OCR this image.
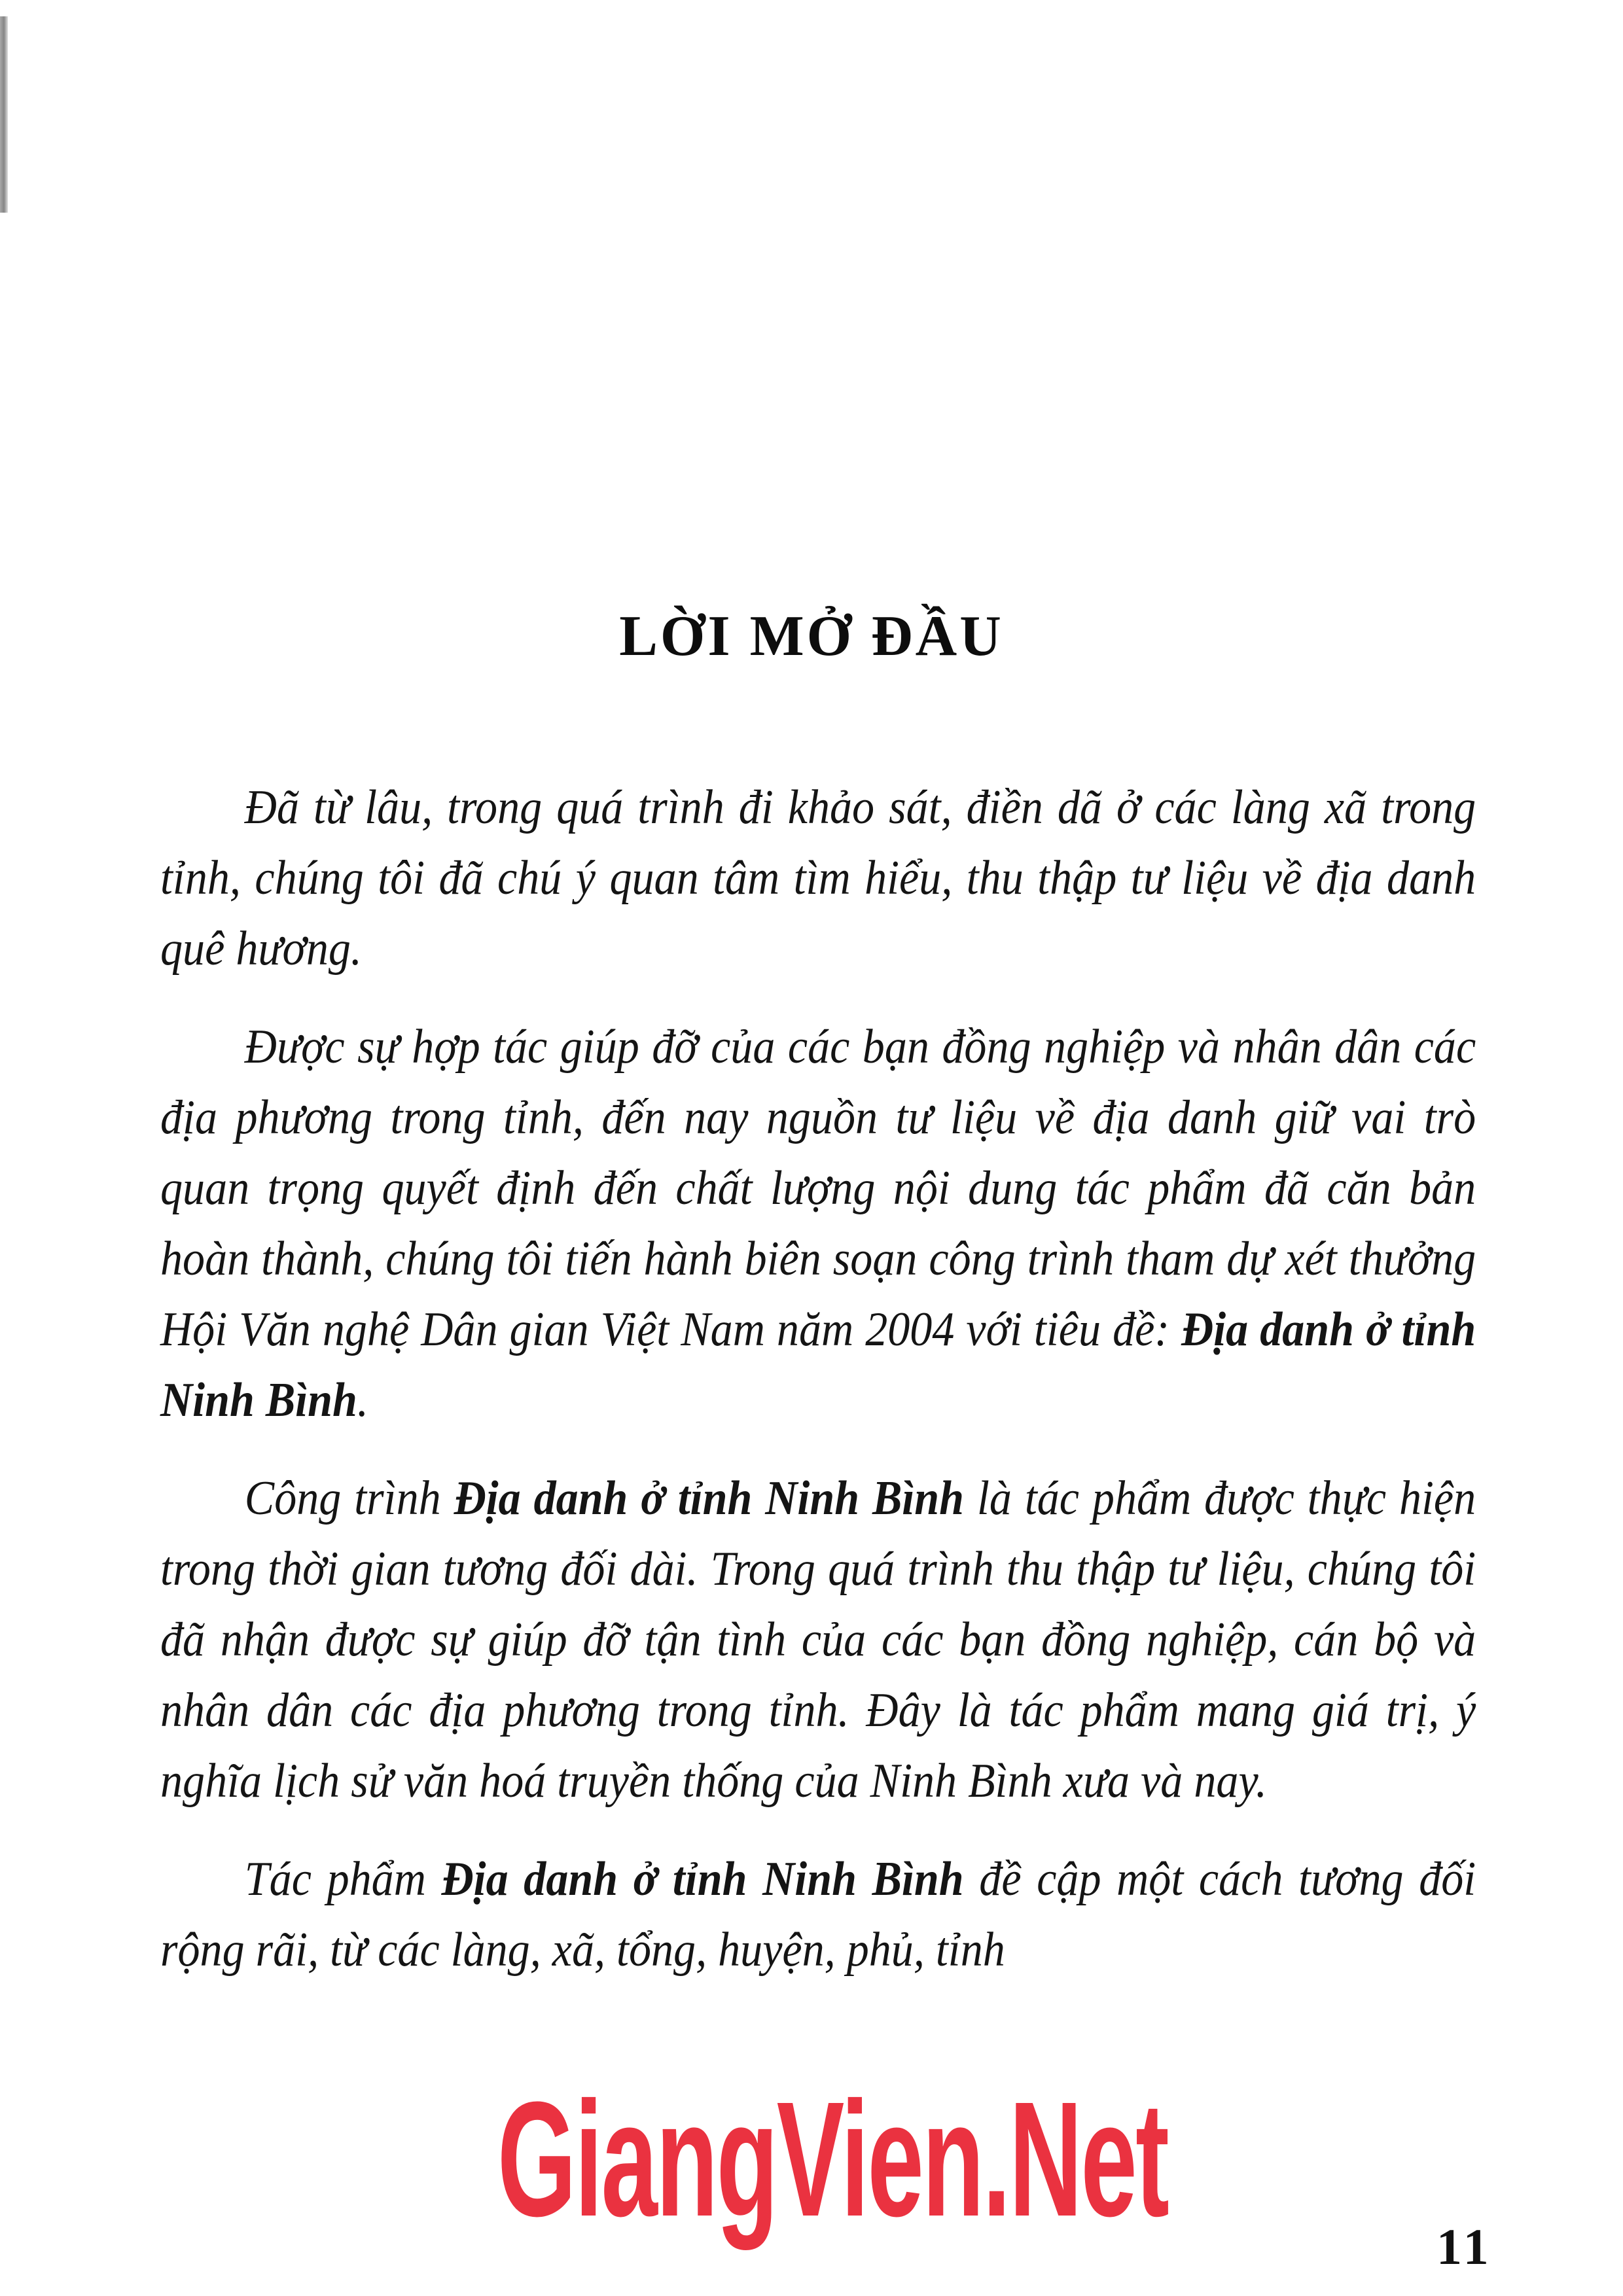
LỜI MỞ ĐẦU

Đã từ lâu, trong quá trình đi khảo sát, điền dã ở các làng xã trong tỉnh, chúng tôi đã chú ý quan tâm tìm hiểu, thu thập tư liệu về địa danh quê hương.

Được sự hợp tác giúp đỡ của các bạn đồng nghiệp và nhân dân các địa phương trong tỉnh, đến nay nguồn tư liệu về địa danh giữ vai trò quan trọng quyết định đến chất lượng nội dung tác phẩm đã căn bản hoàn thành, chúng tôi tiến hành biên soạn công trình tham dự xét thưởng Hội Văn nghệ Dân gian Việt Nam năm 2004 với tiêu đề: Địa danh ở tỉnh Ninh Bình.

Công trình Địa danh ở tỉnh Ninh Bình là tác phẩm được thực hiện trong thời gian tương đối dài. Trong quá trình thu thập tư liệu, chúng tôi đã nhận được sự giúp đỡ tận tình của các bạn đồng nghiệp, cán bộ và nhân dân các địa phương trong tỉnh. Đây là tác phẩm mang giá trị, ý nghĩa lịch sử văn hoá truyền thống của Ninh Bình xưa và nay.

Tác phẩm Địa danh ở tỉnh Ninh Bình đề cập một cách tương đối rộng rãi, từ các làng, xã, tổng, huyện, phủ, tỉnh

GiangVien.Net	11
